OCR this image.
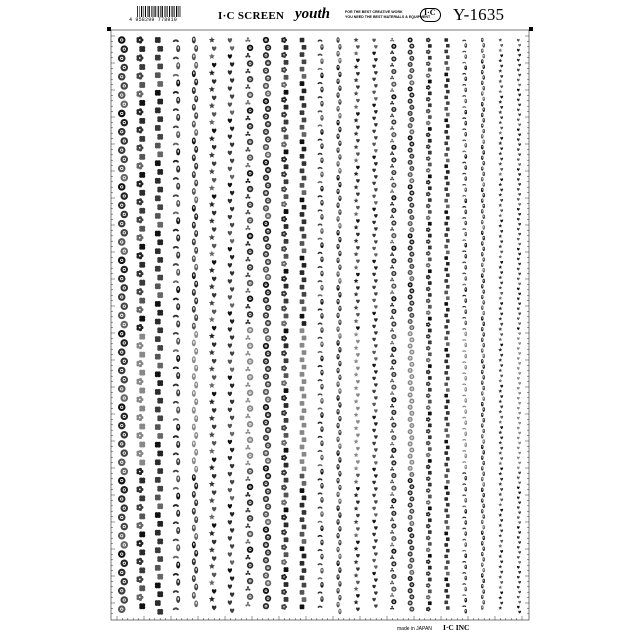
4 958299 778910	I·C SCREEN youth	FOR THE BEST CREATIVE WORK
YOU NEED THE BEST MATERIALS & EQUIPMENT
I·C Y-1635
made in JAPAN I·C INC
